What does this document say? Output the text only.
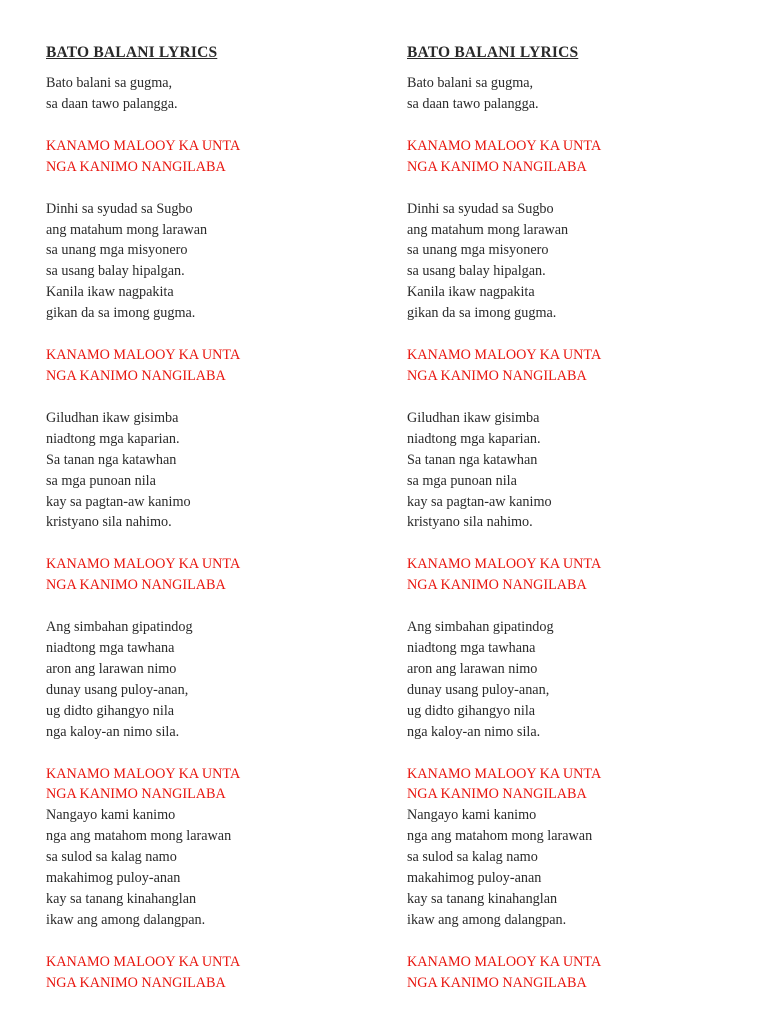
BATO BALANI LYRICS
Bato balani sa gugma,
sa daan tawo palangga.
KANAMO MALOOY KA UNTA
NGA KANIMO NANGILABA
Dinhi sa syudad sa Sugbo
ang matahum mong larawan
sa unang mga misyonero
sa usang balay hipalgan.
Kanila ikaw nagpakita
gikan da sa imong gugma.
KANAMO MALOOY KA UNTA
NGA KANIMO NANGILABA
Giludhan ikaw gisimba
niadtong mga kaparian.
Sa tanan nga katawhan
sa mga punoan nila
kay sa pagtan-aw kanimo
kristyano sila nahimo.
KANAMO MALOOY KA UNTA
NGA KANIMO NANGILABA
Ang simbahan gipatindog
niadtong mga tawhana
aron ang larawan nimo
dunay usang puloy-anan,
ug didto gihangyo nila
nga kaloy-an nimo sila.
KANAMO MALOOY KA UNTA
NGA KANIMO NANGILABA
Nangayo kami kanimo
nga ang matahom mong larawan
sa sulod sa kalag namo
makahimog puloy-anan
kay sa tanang kinahanglan
ikaw ang among dalangpan.
KANAMO MALOOY KA UNTA
NGA KANIMO NANGILABA
BATO BALANI LYRICS
Bato balani sa gugma,
sa daan tawo palangga.
KANAMO MALOOY KA UNTA
NGA KANIMO NANGILABA
Dinhi sa syudad sa Sugbo
ang matahum mong larawan
sa unang mga misyonero
sa usang balay hipalgan.
Kanila ikaw nagpakita
gikan da sa imong gugma.
KANAMO MALOOY KA UNTA
NGA KANIMO NANGILABA
Giludhan ikaw gisimba
niadtong mga kaparian.
Sa tanan nga katawhan
sa mga punoan nila
kay sa pagtan-aw kanimo
kristyano sila nahimo.
KANAMO MALOOY KA UNTA
NGA KANIMO NANGILABA
Ang simbahan gipatindog
niadtong mga tawhana
aron ang larawan nimo
dunay usang puloy-anan,
ug didto gihangyo nila
nga kaloy-an nimo sila.
KANAMO MALOOY KA UNTA
NGA KANIMO NANGILABA
Nangayo kami kanimo
nga ang matahom mong larawan
sa sulod sa kalag namo
makahimog puloy-anan
kay sa tanang kinahanglan
ikaw ang among dalangpan.
KANAMO MALOOY KA UNTA
NGA KANIMO NANGILABA
